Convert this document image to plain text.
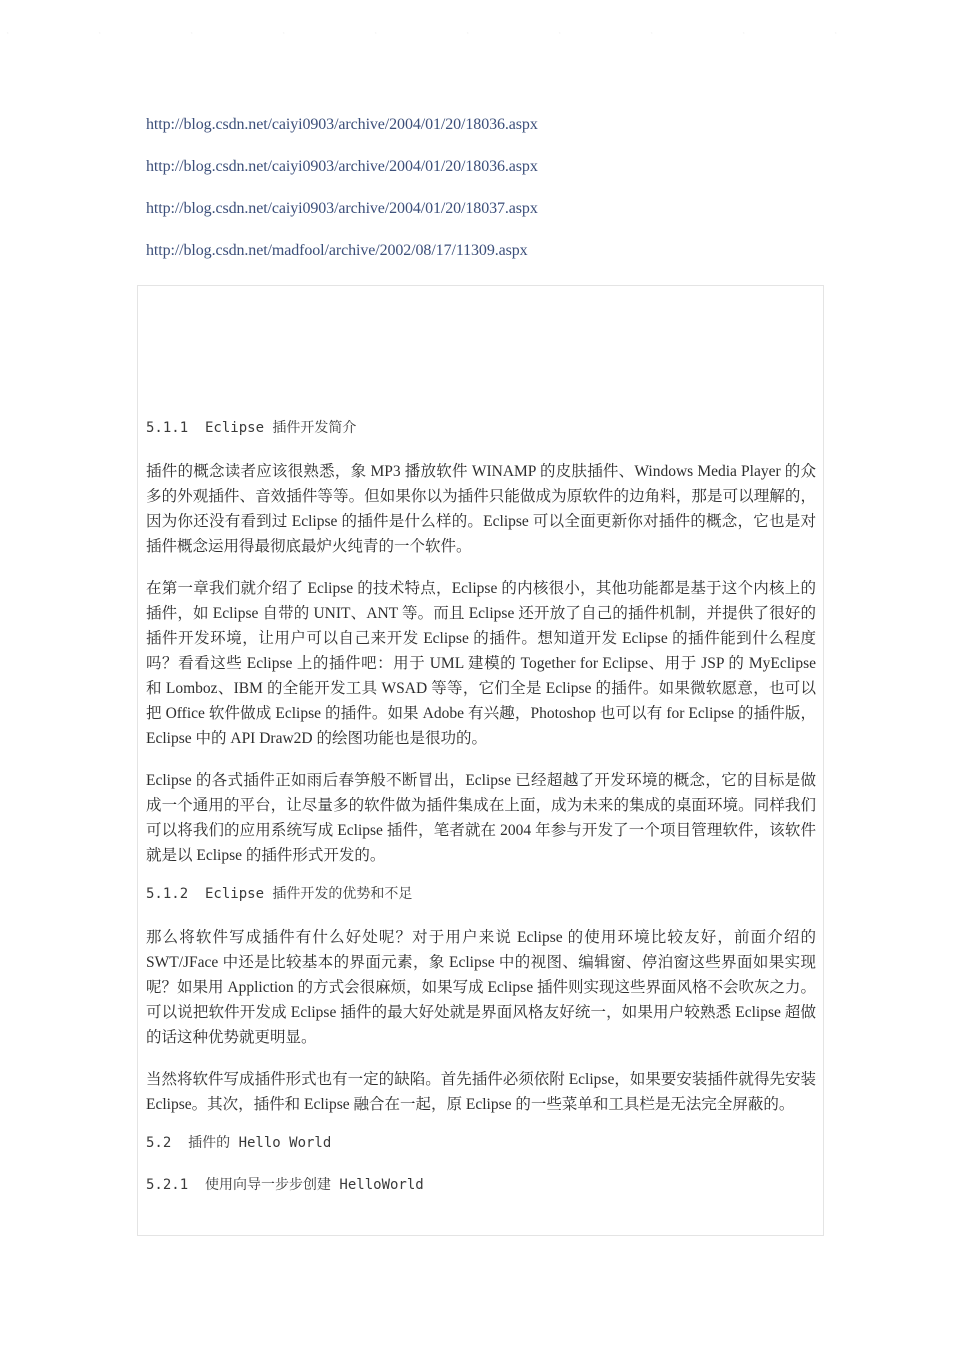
·	·	·	·	·	·	·	·	·	·
http://blog.csdn.net/caiyi0903/archive/2004/01/20/18036.aspx
http://blog.csdn.net/caiyi0903/archive/2004/01/20/18036.aspx
http://blog.csdn.net/caiyi0903/archive/2004/01/20/18037.aspx
http://blog.csdn.net/madfool/archive/2002/08/17/11309.aspx
5.1.1  Eclipse 插件开发简介

插件的概念读者应该很熟悉，象 MP3 播放软件 WINAMP 的皮肤插件、Windows Media Player 的众多的外观插件、音效插件等等。但如果你以为插件只能做成为原软件的边角料，那是可以理解的，因为你还没有看到过 Eclipse 的插件是什么样的。Eclipse 可以全面更新你对插件的概念，它也是对插件概念运用得最彻底最炉火纯青的一个软件。

在第一章我们就介绍了 Eclipse 的技术特点，Eclipse 的内核很小，其他功能都是基于这个内核上的插件，如 Eclipse 自带的 UNIT、ANT 等。而且 Eclipse 还开放了自己的插件机制，并提供了很好的插件开发环境，让用户可以自己来开发 Eclipse 的插件。想知道开发 Eclipse 的插件能到什么程度吗？看看这些 Eclipse 上的插件吧：用于 UML 建模的 Together for Eclipse、用于 JSP 的 MyEclipse 和 Lomboz、IBM 的全能开发工具 WSAD 等等，它们全是 Eclipse 的插件。如果微软愿意，也可以把 Office 软件做成 Eclipse 的插件。如果 Adobe 有兴趣，Photoshop 也可以有 for Eclipse 的插件版，Eclipse 中的 API Draw2D 的绘图功能也是很功的。

Eclipse 的各式插件正如雨后春笋般不断冒出，Eclipse 已经超越了开发环境的概念，它的目标是做成一个通用的平台，让尽量多的软件做为插件集成在上面，成为未来的集成的桌面环境。同样我们可以将我们的应用系统写成 Eclipse 插件，笔者就在 2004 年参与开发了一个项目管理软件，该软件就是以 Eclipse 的插件形式开发的。

5.1.2  Eclipse 插件开发的优势和不足

那么将软件写成插件有什么好处呢？对于用户来说 Eclipse 的使用环境比较友好，前面介绍的 SWT/JFace 中还是比较基本的界面元素，象 Eclipse 中的视图、编辑窗、停泊窗这些界面如果实现呢？如果用 Appliction 的方式会很麻烦，如果写成 Eclipse 插件则实现这些界面风格不会吹灰之力。可以说把软件开发成 Eclipse 插件的最大好处就是界面风格友好统一，如果用户较熟悉 Eclipse 超做的话这种优势就更明显。

当然将软件写成插件形式也有一定的缺陷。首先插件必须依附 Eclipse，如果要安装插件就得先安装 Eclipse。其次，插件和 Eclipse 融合在一起，原 Eclipse 的一些菜单和工具栏是无法完全屏蔽的。

5.2  插件的 Hello World
5.2.1  使用向导一步步创建 HelloWorld
